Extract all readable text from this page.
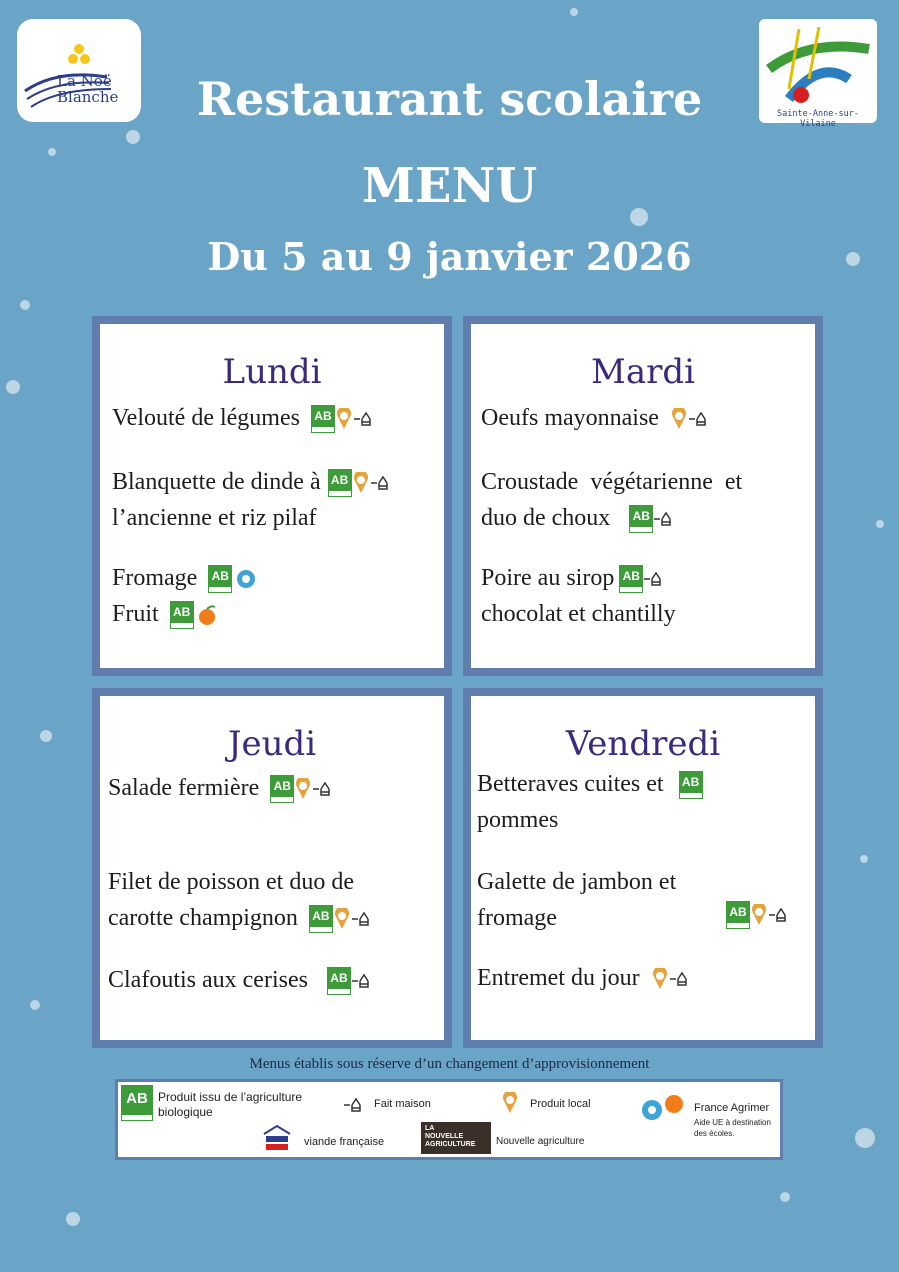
La Noë
Blanche
Sainte-Anne-sur-Vilaine
Restaurant scolaire
MENU
Du 5 au 9 janvier 2026
Lundi
Velouté de légumes AB
Blanquette de dinde à AB
l’ancienne et riz pilaf
Fromage AB
Fruit AB
Mardi
Oeufs mayonnaise
Croustade  végétarienne  et
duo de choux AB
Poire au sirop AB
chocolat et chantilly
Jeudi
Salade fermière AB
Filet de poisson et duo de
carotte champignon AB
Clafoutis aux cerises AB
Vendredi
Betteraves cuites et AB
pommes
Galette de jambon et
fromage	AB
Entremet du jour
Menus établis sous réserve d’un changement d’approvisionnement
AB Produit issu de l’agriculture
biologique
Fait maison	Produit local	France Agrimer
Aide UE à destination
des écoles.
viande française
LA
NOUVELLE
AGRICULTURE	Nouvelle agriculture
